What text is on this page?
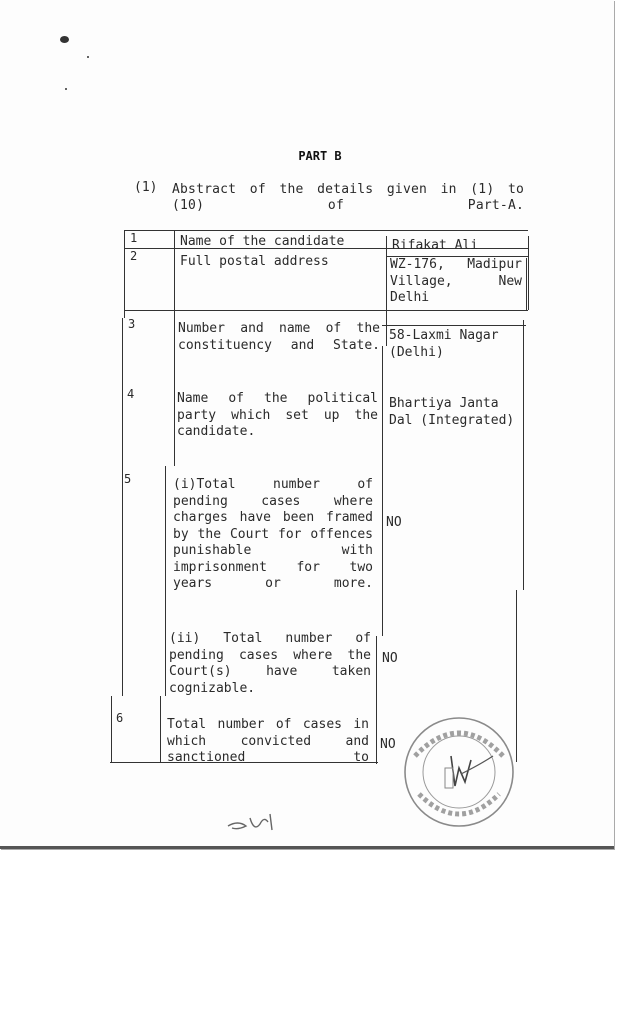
PART B
(1) Abstract of the details given in (1) to (10) of Part-A.
1
2
3
4
5
6
Name of the candidate
Full postal address
Number and name of the constituency and State.
Name of the political party which set up the candidate.
(i)Total number of pending cases where charges have been framed by the Court for offences punishable with imprisonment for two years or more.
(ii) Total number of pending cases where the Court(s) have taken cognizable.
Total number of cases in which convicted and sanctioned to
Rifakat Ali
WZ-176, Madipur Village, New Delhi
58-Laxmi Nagar (Delhi)
Bhartiya Janta Dal (Integrated)
NO
NO
NO
